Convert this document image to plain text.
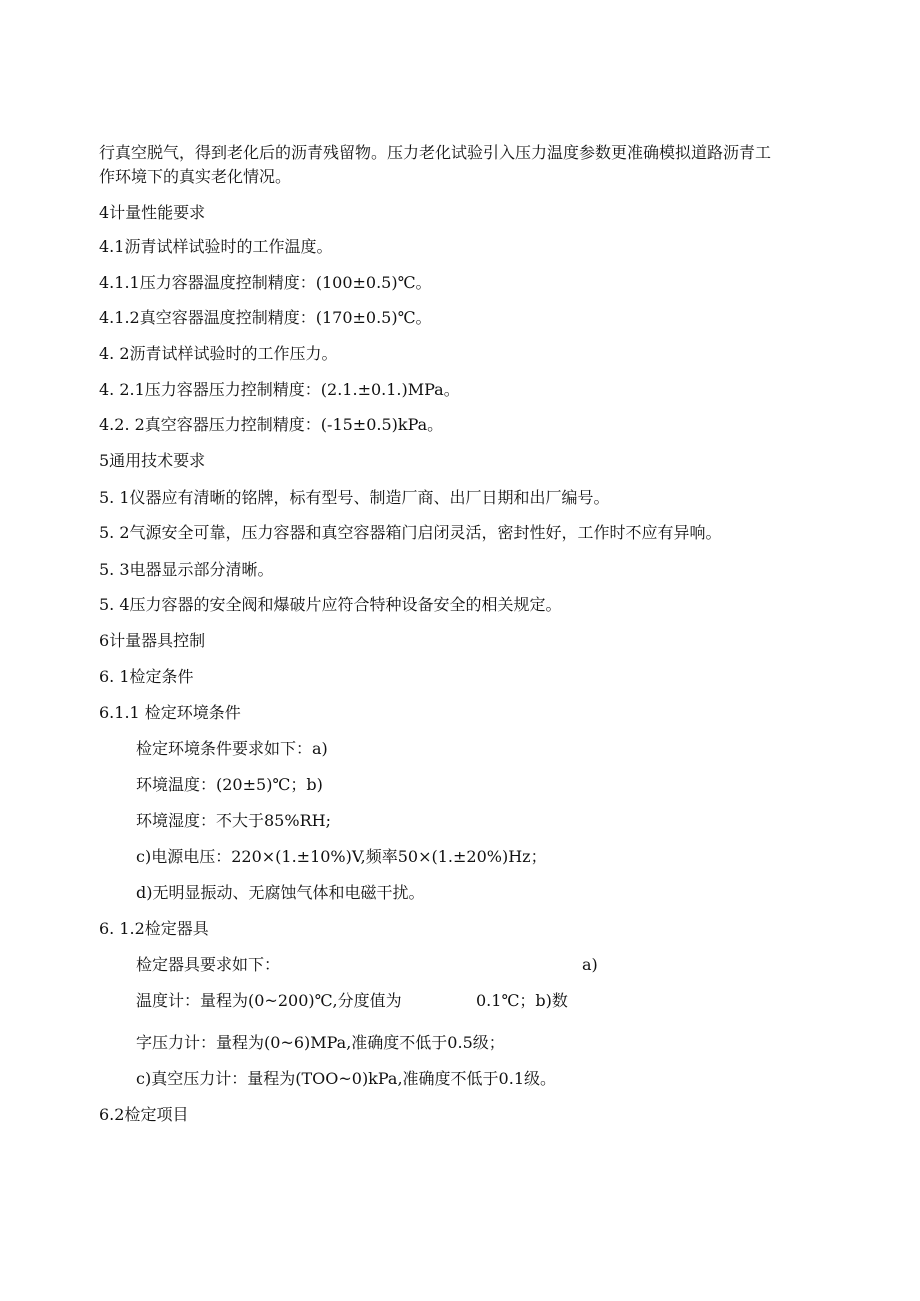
行真空脱气，得到老化后的沥青残留物。压力老化试验引入压力温度参数更准确模拟道路沥青工
作环境下的真实老化情况。
4计量性能要求
4.1沥青试样试验时的工作温度。
4.1.1压力容器温度控制精度：(100±0.5)℃。
4.1.2真空容器温度控制精度：(170±0.5)℃。
4. 2沥青试样试验时的工作压力。
4. 2.1压力容器压力控制精度：(2.1.±0.1.)MPa。
4.2. 2真空容器压力控制精度：(-15±0.5)kPa。
5通用技术要求
5. 1仪器应有清晰的铭牌，标有型号、制造厂商、出厂日期和出厂编号。
5. 2气源安全可靠，压力容器和真空容器箱门启闭灵活，密封性好，工作时不应有异响。
5. 3电器显示部分清晰。
5. 4压力容器的安全阀和爆破片应符合特种设备安全的相关规定。
6计量器具控制
6. 1检定条件
6.1.1 检定环境条件
检定环境条件要求如下：a)
环境温度：(20±5)℃；b)
环境湿度：不大于85%RH;
c)电源电压：220×(1.±10%)V,频率50×(1.±20%)Hz；
d)无明显振动、无腐蚀气体和电磁干扰。
6. 1.2检定器具
检定器具要求如下：	a)
温度计：量程为(0~200)℃,分度值为	0.1℃；b)数
字压力计：量程为(0~6)MPa,准确度不低于0.5级；
c)真空压力计：量程为(TOO~0)kPa,准确度不低于0.1级。
6.2检定项目
